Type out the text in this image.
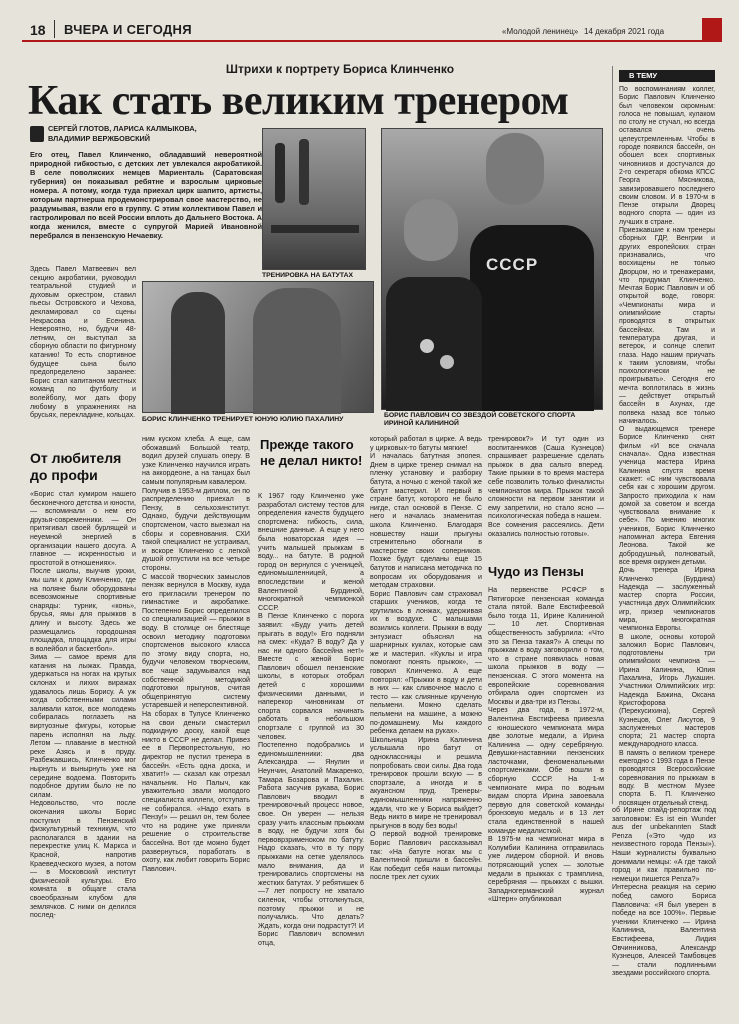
18 ВЧЕРА И СЕГОДНЯ	«Молодой ленинец» 14 декабря 2021 года
Штрихи к портрету Бориса Клинченко
Как стать великим тренером
СЕРГЕЙ ГЛОТОВ, ЛАРИСА КАЛМЫКОВА,
ВЛАДИМИР ВЕРЖБОВСКИЙ
Его отец, Павел Клинченко, обладавший невероятной природной гибкостью, с детских лет увлекался акробатикой. В селе поволжских немцев Мариенталь (Саратовская губерния) он показывал ребятне и взрослым цирковые номера. А потому, когда туда приехал цирк шапито, артисты, которым партнерша продемонстрировал свое мастерство, не раздумывая, взяли его в группу. С этим коллективом Павел и гастролировал по всей России вплоть до Дальнего Востока. А когда женился, вместе с супругой Марией Ивановной перебрался в пензенскую Нечаевку.
ТРЕНИРОВКА НА БАТУТАХ
БОРИС КЛИНЧЕНКО ТРЕНИРУЕТ ЮНУЮ ЮЛИЮ ПАХАЛИНУ
СССР
БОРИС ПАВЛОВИЧ СО ЗВЕЗДОЙ СОВЕТСКОГО СПОРТА ИРИНОЙ КАЛИНИНОЙ
Здесь Павел Матвеевич вел секцию акробатики, руководил театральной студией и духовым оркестром, ставил пьесы Островского и Чехова, декламировал со сцены Некрасова и Есенина. Невероятно, но, будучи 48-летним, он выступал за сборную области по фигурному катанию! То есть спортивное будущее сына было предопределено заранее: Борис стал капитаном местных команд по футболу и волейболу, мог дать фору любому в упражнениях на брусьях, перекладине, кольцах.
От любителя до профи
«Борис стал кумиром нашего бесконечного детства и юности, — вспоминали о нем его друзья-современники. — Он притягивал своей бурлящей и неуемной энергией в организации нашего досуга. А главное — искренностью и простотой в отношениях».
После школы, выучив уроки, мы шли к дому Клинченко, где на поляне были оборудованы всевозможные спортивные снаряды: турник, «конь», брусья, ямы для прыжков в длину и высоту. Здесь же размещались городошная площадка, площадка для игры в волейбол и баскетбол».
Зима — самое время для катания на лыжах. Правда, удержаться на ногах на крутых склонах и лихих виражах удавалось лишь Борису. А уж когда собственными силами заливали каток, все молодежь собиралась поглазеть на виртуозные фигуры, которые парень исполнял на льду. Летом — плавание в местной реке Азясь и в пруду. Разбежавшись, Клинченко мог нырнуть и вынырнуть уже на середине водоема. Повторить подобное другим было не по силам.
Недовольство, что после окончания школы Борис поступил в Пензенский физкультурный техникум, что располагался в здании на перекрестке улиц К. Маркса и Красной, напротив Краеведческого музея, а потом — в Московский институт физической культуры. Его комната в общаге стала своеобразным клубом для землячков. С ними он делился послед-
ним куском хлеба. А еще, сам обожавший Большой театр, водил друзей слушать оперу. В узке Клинченко научился играть на аккордеоне, а на танцах был самым популярным кавалером.
Получив в 1953-м диплом, он по распределению приехал в Пензу, в сельхозинститут. Однако, будучи действующим спортсменом, часто выезжал на сборы и соревнования. СХИ такой специалист не устраивал, и вскоре Клинченко с легкой душой отпустили на все четыре стороны.
С массой творческих замыслов пензяк вернулся в Москву, куда его пригласили тренером по гимнастике и акробатике. Постепенно Борис определился со специализацией — прыжки в воду. В столице он блестяще освоил методику подготовки спортсменов высокого класса по этому виду спорта, но, будучи человеком творческим, все чаще задумывался над собственной методикой подготовки прыгунов, считая общепринятую систему устаревшей и неперспективной.
На сборах в Тулусе Клинченко на свои деньги смастерил подкидную доску, какой еще никто в СССР не делал. Привез ее в Первопрестольную, но директор не пустил тренера в бассейн. «Есть одна доска, и хватит!» — сказал как отрезал начальник. Но Палыч, как уважительно звали молодого специалиста коллеги, отступать не собирался. «Надо ехать в Пензу!» — решил он, тем более что на родине уже приняли решение о строительстве бассейна. Вот где можно будет развернуться, поработать в охоту, как любит говорить Борис Павлович.
Прежде такого не делал никто!
К 1967 году Клинченко уже разработал систему тестов для определения качеств будущего спортсмена: гибкость, сила, внешние данные. А еще у него была новаторская идея — учить малышей прыжкам в воду... на батуте. В родной город он вернулся с ученицей, единомышленницей, а впоследствии и женой Валентиной Бурдиной, многократной чемпионкой СССР.
В Пензе Клинченко с порога заявил: «Буду учить детей прыгать в воду!» Его подняли на смех: «Куда? В воду? Да у нас ни одного бассейна нет!» Вместе с женой Борис Павлович обошел пензенские школы, в которых отобрал детей с хорошими физическими данными, и наперекор чиновникам от спорта сорвался начинать работать в небольшом спортзале с группой из 30 человек.
Постепенно подобрались и единомышленники: два Александра — Янулин и Неунчин, Анатолий Макаренко, Тамара Бозарова и Пахалин. Работа засучив рукава, Борис Павлович вводил в тренировочный процесс новое, свое. Он уверен — нельзя сразу учить классным прыжкам в воду, не будучи хотя бы первоврзрименоком по батуту. Надо сказать, что в ту пору прыжками на сетке уделялось мало внимания, да и тренировались спортсмены на жестких батутах. У ребятишек 6—7 лет попросту не хватало силенок, чтобы оттолкнуться, поэтому прыжки и не получались. Что делать? Ждать, когда они подрастут?! И Борис Павлович вспомнил отца,
который работал в цирке. А ведь у цирковых-то батуты мягкие!
И началась батутная эпопея. Днем в цирке тренер снимал на пленку установку и разборку батута, а ночью с женой такой же батут мастерил. И первый в стране батут, которого не было нигде, стал основой в Пензе. С него и началась знаменитая школа Клинченко. Благодаря новшеству наши прыгуны стремительно обогнали в мастерстве своих соперников. Позже будут сделаны еще 15 батутов и написана методичка по вопросам их оборудования и методам страховки.
Борис Павлович сам страховал старших учеников, когда те крутились в лонжах, удерживая их в воздухе. С малышами возились коллеги. Прыжки в воду энтузиаст объяснял на шарнирных куклах, которые сам же и мастерил. «Куклы и игра помогают понять прыжок», — говорил Клинченко. А еще повторял: «Прыжки в воду и дети в них — как сливочное масло с тесто — как слиянные крученую пельмени. Можно сделать пельмени на машине, а можно по-домашнему. Мы каждого ребенка делаем на руках».
Школьница Ирина Калинина услышала про батут от одноклассницы и решила попробовать свои силы. Два года тренировок прошли вскую — в спортзале, а иногда и в акуансном пруд. Тренеры-единомышленники напряженно ждали, что же у Бориса выйдет? Ведь никто в мире не тренировал прыгунов в воду без воды!
О первой водной тренировке Борис Павлович рассказывал так: «На батуте ногах мы с Валентиной пришли в бассейн. Как победит себя наши питомцы после трех лет сухих
тренировок?» И тут один из воспитанников (Саша Кузнецов) спрашивает разрешение сделать прыжок в два сальто вперед. Такие прыжки в то время мастера себе позволить только финалисты чемпионатов мира. Прыжок такой сложности на первом занятии и ему запретили, но стало ясно — психологическая победа в нашем.
Все сомнения рассеялись. Дети оказались полностью готовы».
Чудо из Пензы
На первенстве РСФСР в Пятигорске пензенская команда стала пятой. Вале Евстифеевой было тогда 11, Ирине Калининой — 10 лет. Спортивная общественность забурлила: «Что это за Пенза такая?» А спецы по прыжкам в воду заговорили о том, что в стране появилась новая школа прыжков в воду — пензенская. С этого момента на европейские соревнования отбирала один спортсмен из Москвы и два-три из Пензы.
Через два года, в 1972-м, Валентина Евстифеева привезла с юношеского чемпионата мира две золотые медали, а Ирина Калинина — одну серебряную. Девушки-наставники пензенских ласточками, феноменальными спортсменками. Обе вошли в сборную СССР. На 1-м чемпионате мира по водным видам спорта Ирина завоевала первую для советской команды бронзовую медаль и в 13 лет стала единственной в нашей команде медалисткой.
В 1975-м на чемпионат мира в Колумбии Калинина отправилась уже лидером сборной. И вновь потрясающий успех — золотые медали в прыжках с трамплина, серебряная — прыжках с вышки. Западногерманский журнал «Штерн» опубликовал
В ТЕМУ
По воспоминаниям коллег, Борис Павлович Клинченко был человеком скромным: голоса не повышал, кулаком по столу не стучал, но всегда оставался очень целеустремленным. Чтобы в городе появился бассейн, он обошел всех спортивных чиновников и достучался до 2-го секретаря обкома КПСС Георга Мясникова, завизировавшего последнего своим словом. И в 1970-м в Пензе открыли Дворец водного спорта — один из лучших в стране.
Приезжавшие к нам тренеры сборных ГДР, Венгрии и других европейских стран признавались, что восхищены не только Дворцом, но и тренажерами, что придумал Клинченко. Мечтая Борис Павлович и об открытой воде, говоря: «Чемпионаты мира и олимпийские старты проводятся в открытых бассейнах. Там и температура другая, и ветерок, и солнце слепит глаза. Надо нашим приучать к таким условиям, чтобы психологически не проигрывать». Сегодня его мечта воплотилась в жизнь — действует открытый бассейн в Ахунах, где полвека назад все только начиналось.
О выдающемся тренере Борисе Клинченко снят фильм «И все сначала сначала». Одна известная ученица мастера Ирина Калинина спустя время скажет: «С ним чувствовала себя как с хорошим другом. Запросто приходила к нам домой за советом и всегда чувствовала внимание к себе». По мнению многих учеников, Борис Клинченко напоминал актера Евгения Леонова. Такой же добродушный, полноватый, все время окружен детьми.
Дочь тренера Ирина Клинченко (Бурдина) Надежда — заслуженный мастер спорта России, участница двух Олимпийских игр, призер чемпионатов мира, многократная чемпионка Европы.
В школе, основы которой заложил Борис Павлович, подготовлены три олимпийских чемпиона — Ирина Калинина, Юлия Пахалина, Игорь Лукашин. Участники Олимпийских игр: Надежда Бажина, Оксана Кристофорова (Перекусихина), Сергей Кузнецов, Олег Лисутов, 9 заслуженных мастеров спорта; 21 мастер спорта международного класса.
В память о великом тренере ежегодно с 1993 года в Пензе проводятся Всероссийские соревнования по прыжкам в воду. В местном Музее спорта Б. П. Клинченко посвящен отдельный стенд.
об Ирине спайд-репортаж под заголовком: Es ist ein Wunder aus der unbekannten Stadt Penza («Это чудо из неизвестного города Пензы»). Наши журналисты буквально донимали немцы: «А где такой город и как правильно по-немецки пишется Penza?»
Интересна реакция на серию побед самого Бориса Павловича: «Я был уверен в победе на все 100%». Первые ученики Клинченко — Ирина Калинина, Валентина Евстифеева, Лидия Овчинникова, Александр Кузнецов, Алексей Тамбовцев — стали подлинными звездами российского спорта.
